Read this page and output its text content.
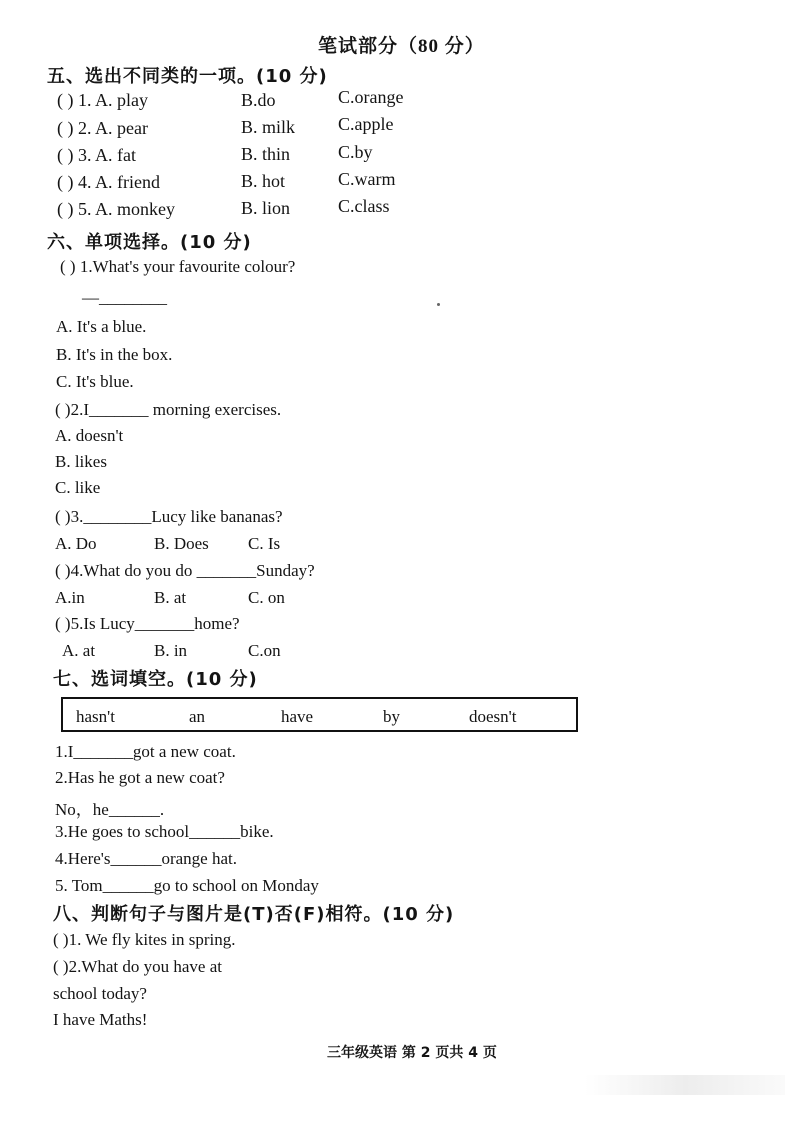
笔试部分（80 分）
五、选出不同类的一项。(10 分)
( ) 1. A. play	B.do	C.orange
( ) 2. A. pear	B. milk C.apple
( ) 3. A. fat	B. thin	C.by
( ) 4. A. friend	B. hot	C.warm
( ) 5. A. monkey	B. lion	C.class
六、单项选择。(10 分)
( ) 1.What's your favourite colour?
—________
A. It's a blue.
B. It's in the box.
C. It's blue.
( )2.I_______ morning exercises.
A. doesn't
B. likes
C. like
( )3.________Lucy like bananas?
A. Do	B. Does C. Is
( )4.What do you do _______Sunday?
A.in	B. at	C. on
( )5.Is Lucy_______home?
A. at	B. in	C.on
七、选词填空。(10 分)
hasn't	an	have	by	doesn't
1.I_______got a new coat.
2.Has he got a new coat?
No，he______.
3.He goes to school______bike.
4.Here's______orange hat.
5. Tom______go to school on Monday
八、判断句子与图片是(T)否(F)相符。(10 分)
( )1. We fly kites in spring.
( )2.What do you have at
school today?
I have Maths!
三年级英语 第 2 页共 4 页
